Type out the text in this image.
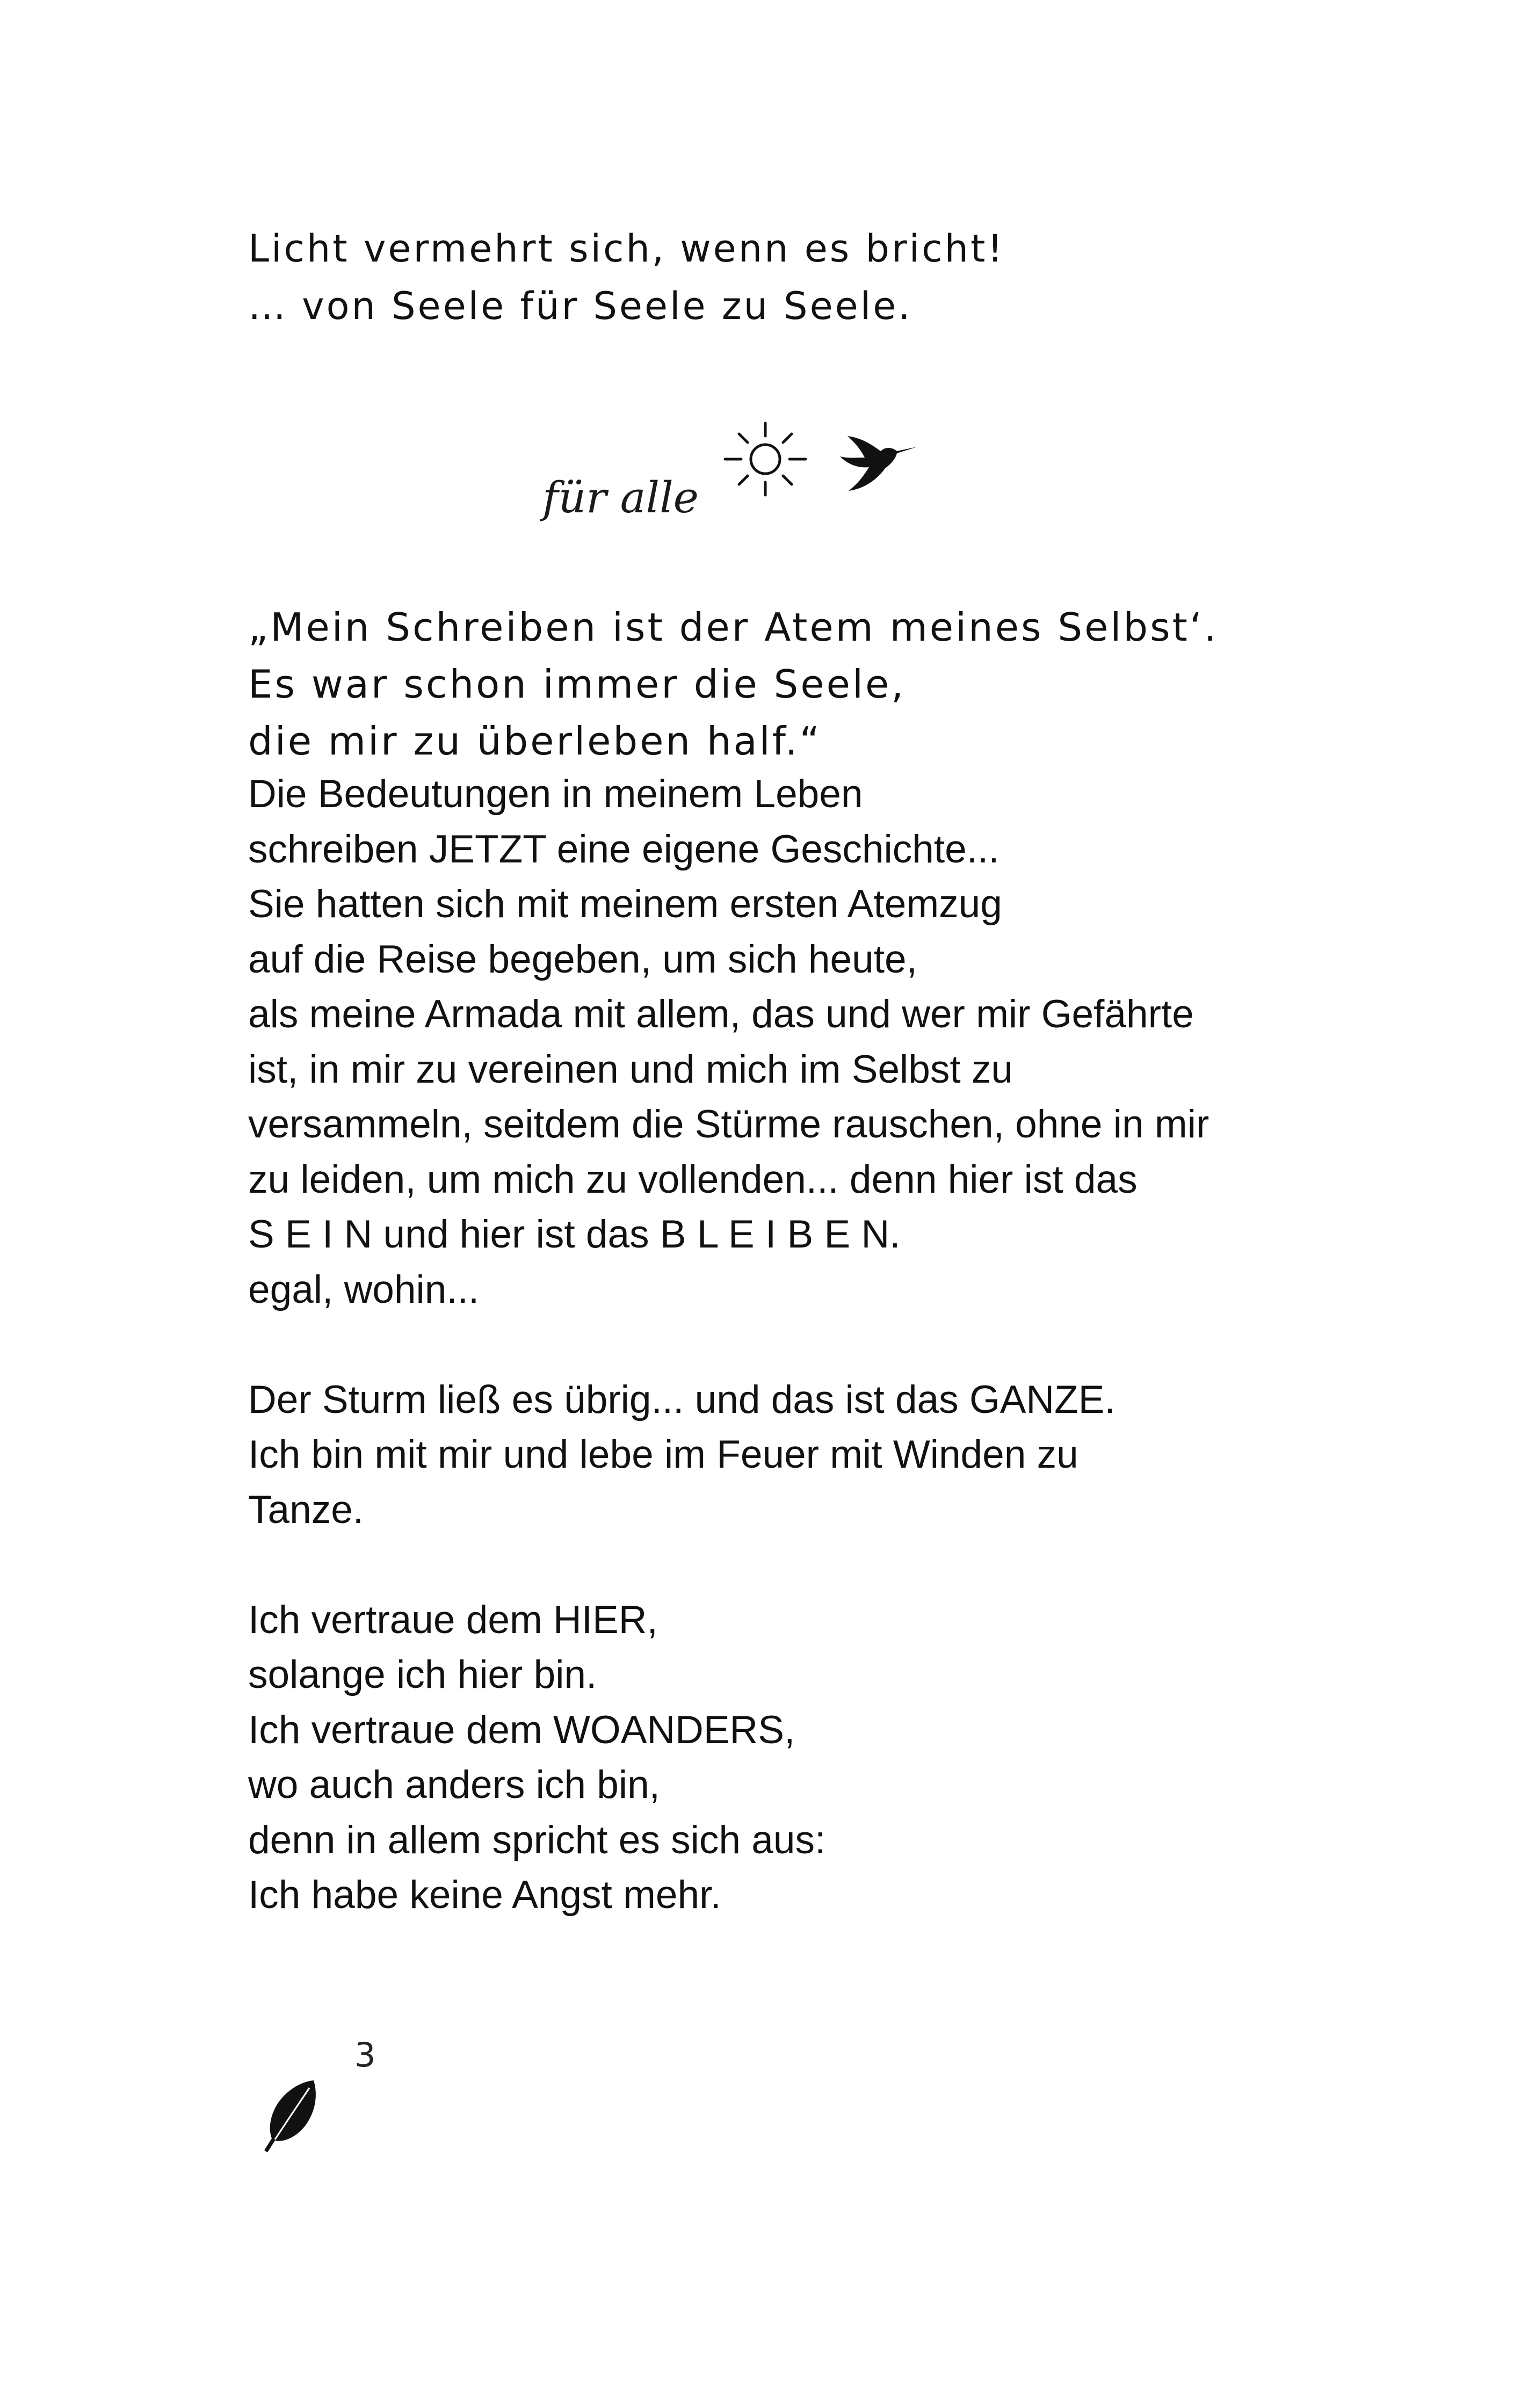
Licht vermehrt sich, wenn es bricht!

… von Seele für Seele zu Seele.

für alle

„Mein Schreiben ist der Atem meines Selbst‘.

Es war schon immer die Seele,

die mir zu überleben half.“

Die Bedeutungen in meinem Leben
schreiben JETZT eine eigene Geschichte...
Sie hatten sich mit meinem ersten Atemzug
auf die Reise begeben, um sich heute,
als meine Armada mit allem, das und wer mir Gefährte
ist, in mir zu vereinen und mich im Selbst zu
versammeln, seitdem die Stürme rauschen, ohne in mir
zu leiden, um mich zu vollenden... denn hier ist das
S E I N und hier ist das B L E I B E N.
egal, wohin...
Der Sturm ließ es übrig... und das ist das GANZE.
Ich bin mit mir und lebe im Feuer mit Winden zu
Tanze.
Ich vertraue dem HIER,
solange ich hier bin.
Ich vertraue dem WOANDERS,
wo auch anders ich bin,
denn in allem spricht es sich aus:
Ich habe keine Angst mehr.

3
